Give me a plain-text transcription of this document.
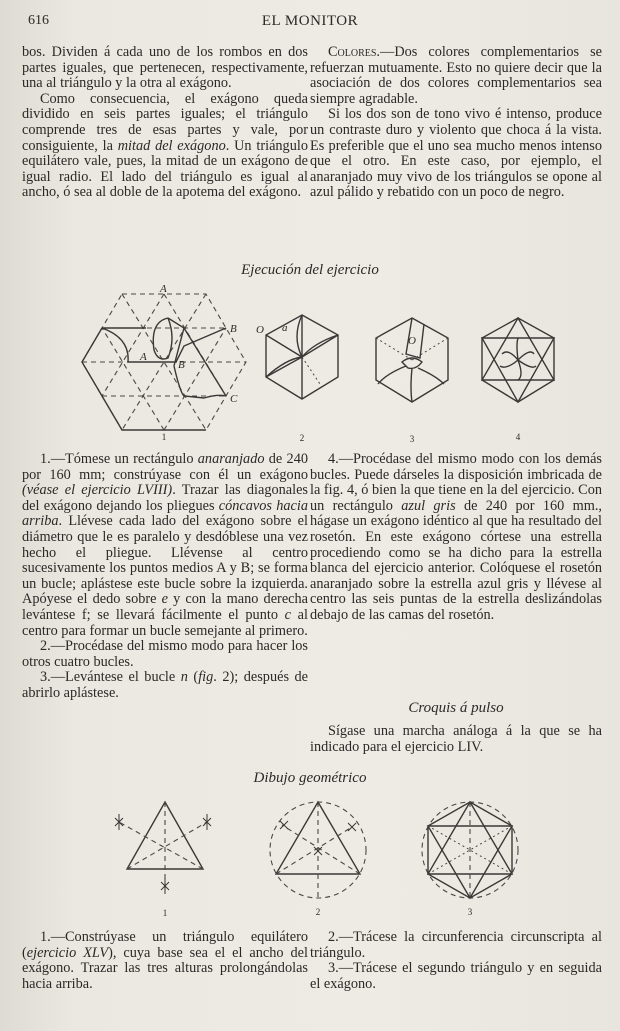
616	EL MONITOR

bos. Dividen á cada uno de los rombos en dos partes iguales, que pertenecen, respectivamente, una al triángulo y la otra al exágono.

Como consecuencia, el exágono queda dividido en seis partes iguales; el triángulo comprende tres de esas partes y vale, por consiguiente, la mitad del exágono. Un triángulo equilátero vale, pues, la mitad de un exágono de igual radio. El lado del triángulo es igual al ancho, ó sea al doble de la apotema del exágono.

Colores.—Dos colores complementarios se refuerzan mutuamente. Esto no quiere decir que la asociación de dos colores complementarios sea siempre agradable.

Si los dos son de tono vivo é intenso, produce un contraste duro y violento que choca á la vista. Es preferible que el uno sea mucho menos intenso que el otro. En este caso, por ejemplo, el anaranjado muy vivo de los triángulos se opone al azul pálido y rebatido con un poco de negro.

Ejecución del ejercicio
A
B
A
B
C
1
O a
2
O
3	4

1.—Tómese un rectángulo anaranjado de 240 por 160 mm; constrúyase con él un exágono (véase el ejercicio LVIII). Trazar las diagonales del exágono dejando los pliegues cóncavos hacia arriba. Llévese cada lado del exágono sobre el diámetro que le es paralelo y desdóblese una vez hecho el pliegue. Llévense al centro sucesivamente los puntos medios A y B; se forma un bucle; aplástese este bucle sobre la izquierda. Apóyese el dedo sobre e y con la mano derecha levántese f; se llevará fácilmente el punto c al centro para formar un bucle semejante al primero.

2.—Procédase del mismo modo para hacer los otros cuatro bucles.

3.—Levántese el bucle n (fig. 2); después de abrirlo aplástese.

4.—Procédase del mismo modo con los demás bucles. Puede dárseles la disposición imbricada de la fig. 4, ó bien la que tiene en la del ejercicio. Con un rectángulo azul gris de 240 por 160 mm., hágase un exágono idéntico al que ha resultado del rosetón. En este exágono córtese una estrella procediendo como se ha dicho para la estrella blanca del ejercicio anterior. Colóquese el rosetón anaranjado sobre la estrella azul gris y llévese al centro las seis puntas de la estrella deslizándolas debajo de las camas del rosetón.

Croquis á pulso

Sígase una marcha análoga á la que se ha indicado para el ejercicio LIV.

Dibujo geométrico
1	2	3

1.—Constrúyase un triángulo equilátero (ejercicio XLV), cuya base sea el el ancho del exágono. Trazar las tres alturas prolongándolas hacia arriba.

2.—Trácese la circunferencia circunscripta al triángulo.

3.—Trácese el segundo triángulo y en seguida el exágono.
